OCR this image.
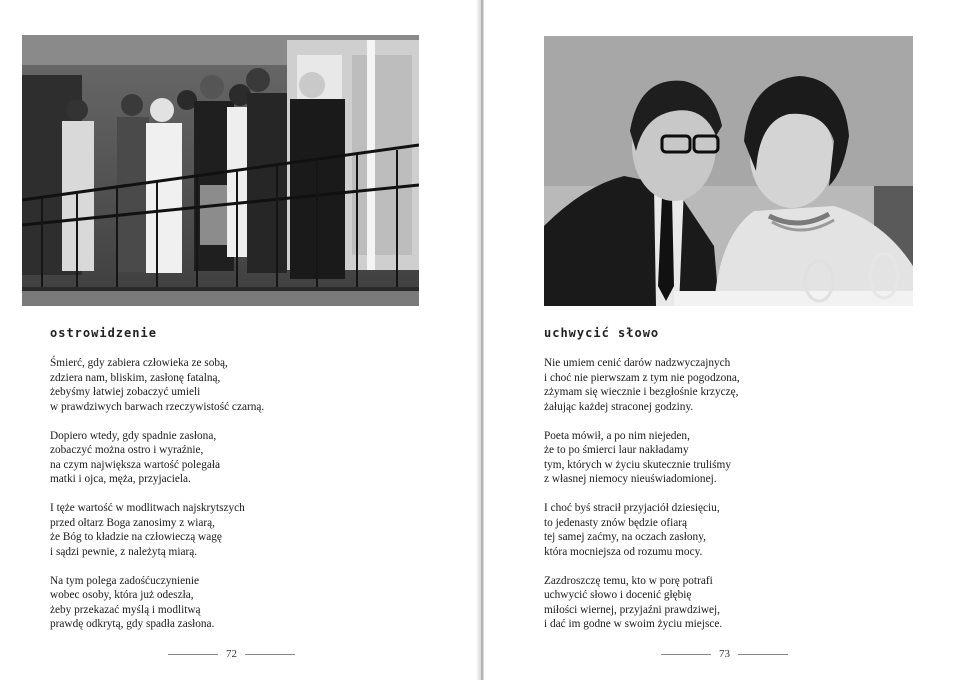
ostrowidzenie
Śmierć, gdy zabiera człowieka ze sobą,
zdziera nam, bliskim, zasłonę fatalną,
żebyśmy łatwiej zobaczyć umieli
w prawdziwych barwach rzeczywistość czarną.
Dopiero wtedy, gdy spadnie zasłona,
zobaczyć można ostro i wyraźnie,
na czym największa wartość polegała
matki i ojca, męża, przyjaciela.
I tęże wartość w modlitwach najskrytszych
przed ołtarz Boga zanosimy z wiarą,
że Bóg to kładzie na człowieczą wagę
i sądzi pewnie, z należytą miarą.
Na tym polega zadośćuczynienie
wobec osoby, która już odeszła,
żeby przekazać myślą i modlitwą
prawdę odkrytą, gdy spadła zasłona.
72
uchwycić słowo
Nie umiem cenić darów nadzwyczajnych
i choć nie pierwszam z tym nie pogodzona,
zżymam się wiecznie i bezgłośnie krzyczę,
żałując każdej straconej godziny.
Poeta mówił, a po nim niejeden,
że to po śmierci laur nakładamy
tym, których w życiu skutecznie truliśmy
z własnej niemocy nieuświadomionej.
I choć byś stracił przyjaciół dziesięciu,
to jedenasty znów będzie ofiarą
tej samej zaćmy, na oczach zasłony,
która mocniejsza od rozumu mocy.
Zazdroszczę temu, kto w porę potrafi
uchwycić słowo i docenić głębię
miłości wiernej, przyjaźni prawdziwej,
i dać im godne w swoim życiu miejsce.
73
